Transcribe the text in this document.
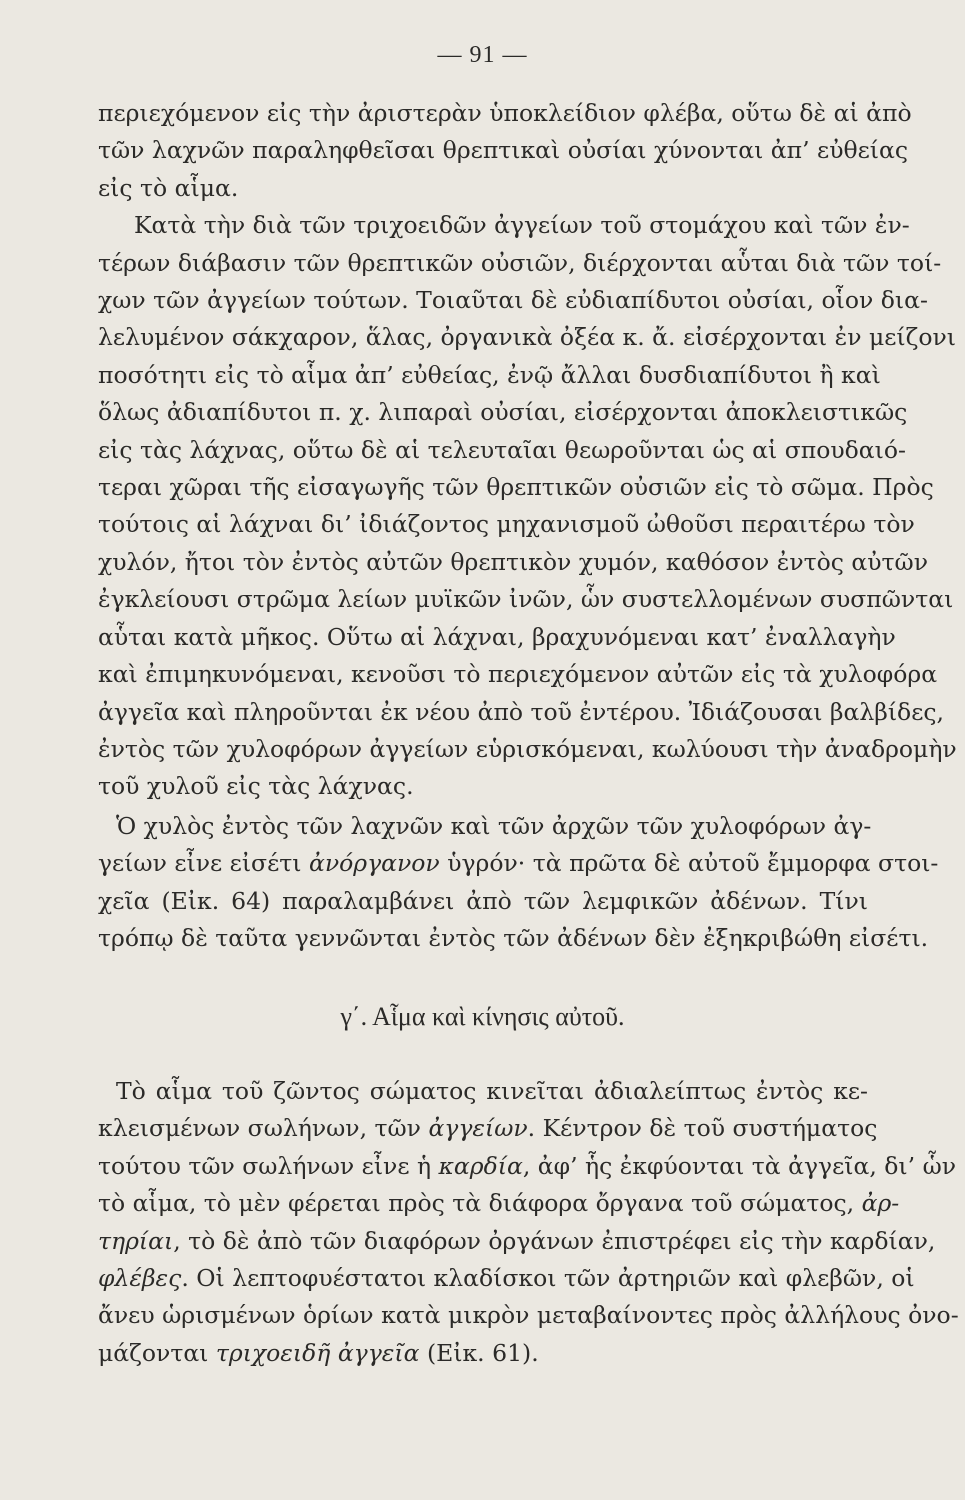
— 91 —
περιεχόμενον εἰς τὴν ἀριστερὰν ὑποκλείδιον φλέβα, οὕτω δὲ αἱ ἀπὸ
τῶν λαχνῶν παραληφθεῖσαι θρεπτικαὶ οὐσίαι χύνονται ἀπ’ εὐθείας
εἰς τὸ αἷμα.
Κατὰ τὴν διὰ τῶν τριχοειδῶν ἀγγείων τοῦ στομάχου καὶ τῶν ἐν-
τέρων διάβασιν τῶν θρεπτικῶν οὐσιῶν, διέρχονται αὗται διὰ τῶν τοί-
χων τῶν ἀγγείων τούτων. Τοιαῦται δὲ εὐδιαπίδυτοι οὐσίαι, οἷον δια-
λελυμένον σάκχαρον, ἅλας, ὀργανικὰ ὀξέα κ. ἄ. εἰσέρχονται ἐν μείζονι
ποσότητι εἰς τὸ αἷμα ἀπ’ εὐθείας, ἐνῷ ἄλλαι δυσδιαπίδυτοι ἢ καὶ
ὅλως ἀδιαπίδυτοι π. χ. λιπαραὶ οὐσίαι, εἰσέρχονται ἀποκλειστικῶς
εἰς τὰς λάχνας, οὕτω δὲ αἱ τελευταῖαι θεωροῦνται ὡς αἱ σπουδαιό-
τεραι χῶραι τῆς εἰσαγωγῆς τῶν θρεπτικῶν οὐσιῶν εἰς τὸ σῶμα. Πρὸς
τούτοις αἱ λάχναι δι’ ἰδιάζοντος μηχανισμοῦ ὠθοῦσι περαιτέρω τὸν
χυλόν, ἤτοι τὸν ἐντὸς αὐτῶν θρεπτικὸν χυμόν, καθόσον ἐντὸς αὐτῶν
ἐγκλείουσι στρῶμα λείων μυϊκῶν ἰνῶν, ὧν συστελλομένων συσπῶνται
αὗται κατὰ μῆκος. Οὕτω αἱ λάχναι, βραχυνόμεναι κατ’ ἐναλλαγὴν
καὶ ἐπιμηκυνόμεναι, κενοῦσι τὸ περιεχόμενον αὐτῶν εἰς τὰ χυλοφόρα
ἀγγεῖα καὶ πληροῦνται ἐκ νέου ἀπὸ τοῦ ἐντέρου. Ἰδιάζουσαι βαλβίδες,
ἐντὸς τῶν χυλοφόρων ἀγγείων εὑρισκόμεναι, κωλύουσι τὴν ἀναδρομὴν
τοῦ χυλοῦ εἰς τὰς λάχνας.
Ὁ χυλὸς ἐντὸς τῶν λαχνῶν καὶ τῶν ἀρχῶν τῶν χυλοφόρων ἀγ-
γείων εἶνε εἰσέτι ἀνόργανον ὑγρόν· τὰ πρῶτα δὲ αὐτοῦ ἔμμορφα στοι-
χεῖα (Εἰκ. 64) παραλαμβάνει ἀπὸ τῶν λεμφικῶν ἀδένων. Τίνι
τρόπῳ δὲ ταῦτα γεννῶνται ἐντὸς τῶν ἀδένων δὲν ἐξηκριβώθη εἰσέτι.
γ΄. Αἷμα καὶ κίνησις αὐτοῦ.
Τὸ αἷμα τοῦ ζῶντος σώματος κινεῖται ἀδιαλείπτως ἐντὸς κε-
κλεισμένων σωλήνων, τῶν ἀγγείων. Κέντρον δὲ τοῦ συστήματος
τούτου τῶν σωλήνων εἶνε ἡ καρδία, ἀφ’ ἧς ἐκφύονται τὰ ἀγγεῖα, δι’ ὧν
τὸ αἷμα, τὸ μὲν φέρεται πρὸς τὰ διάφορα ὄργανα τοῦ σώματος, ἀρ-
τηρίαι, τὸ δὲ ἀπὸ τῶν διαφόρων ὀργάνων ἐπιστρέφει εἰς τὴν καρδίαν,
φλέβες. Οἱ λεπτοφυέστατοι κλαδίσκοι τῶν ἀρτηριῶν καὶ φλεβῶν, οἱ
ἄνευ ὡρισμένων ὁρίων κατὰ μικρὸν μεταβαίνοντες πρὸς ἀλλήλους ὀνο-
μάζονται τριχοειδῆ ἀγγεῖα (Εἰκ. 61).
